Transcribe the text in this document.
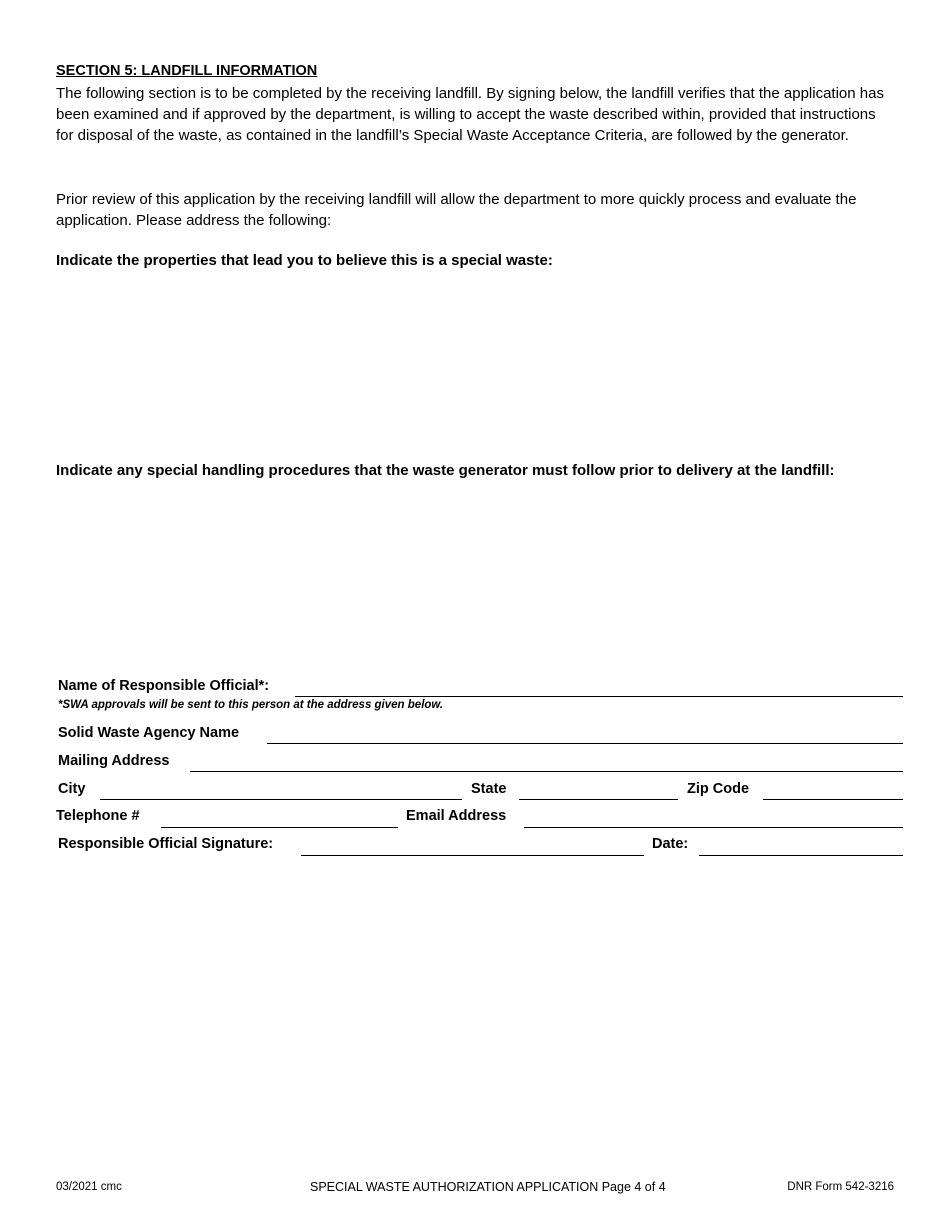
SECTION 5: LANDFILL INFORMATION
The following section is to be completed by the receiving landfill. By signing below, the landfill verifies that the application has been examined and if approved by the department, is willing to accept the waste described within, provided that instructions for disposal of the waste, as contained in the landfill’s Special Waste Acceptance Criteria, are followed by the generator.
Prior review of this application by the receiving landfill will allow the department to more quickly process and evaluate the application. Please address the following:
Indicate the properties that lead you to believe this is a special waste:
Indicate any special handling procedures that the waste generator must follow prior to delivery at the landfill:
Name of Responsible Official*:
*SWA approvals will be sent to this person at the address given below.
Solid Waste Agency Name
Mailing Address
City	State	Zip Code
Telephone #	Email Address
Responsible Official Signature:	Date:
03/2021 cmc	SPECIAL WASTE AUTHORIZATION APPLICATION Page 4 of 4	DNR Form 542-3216
